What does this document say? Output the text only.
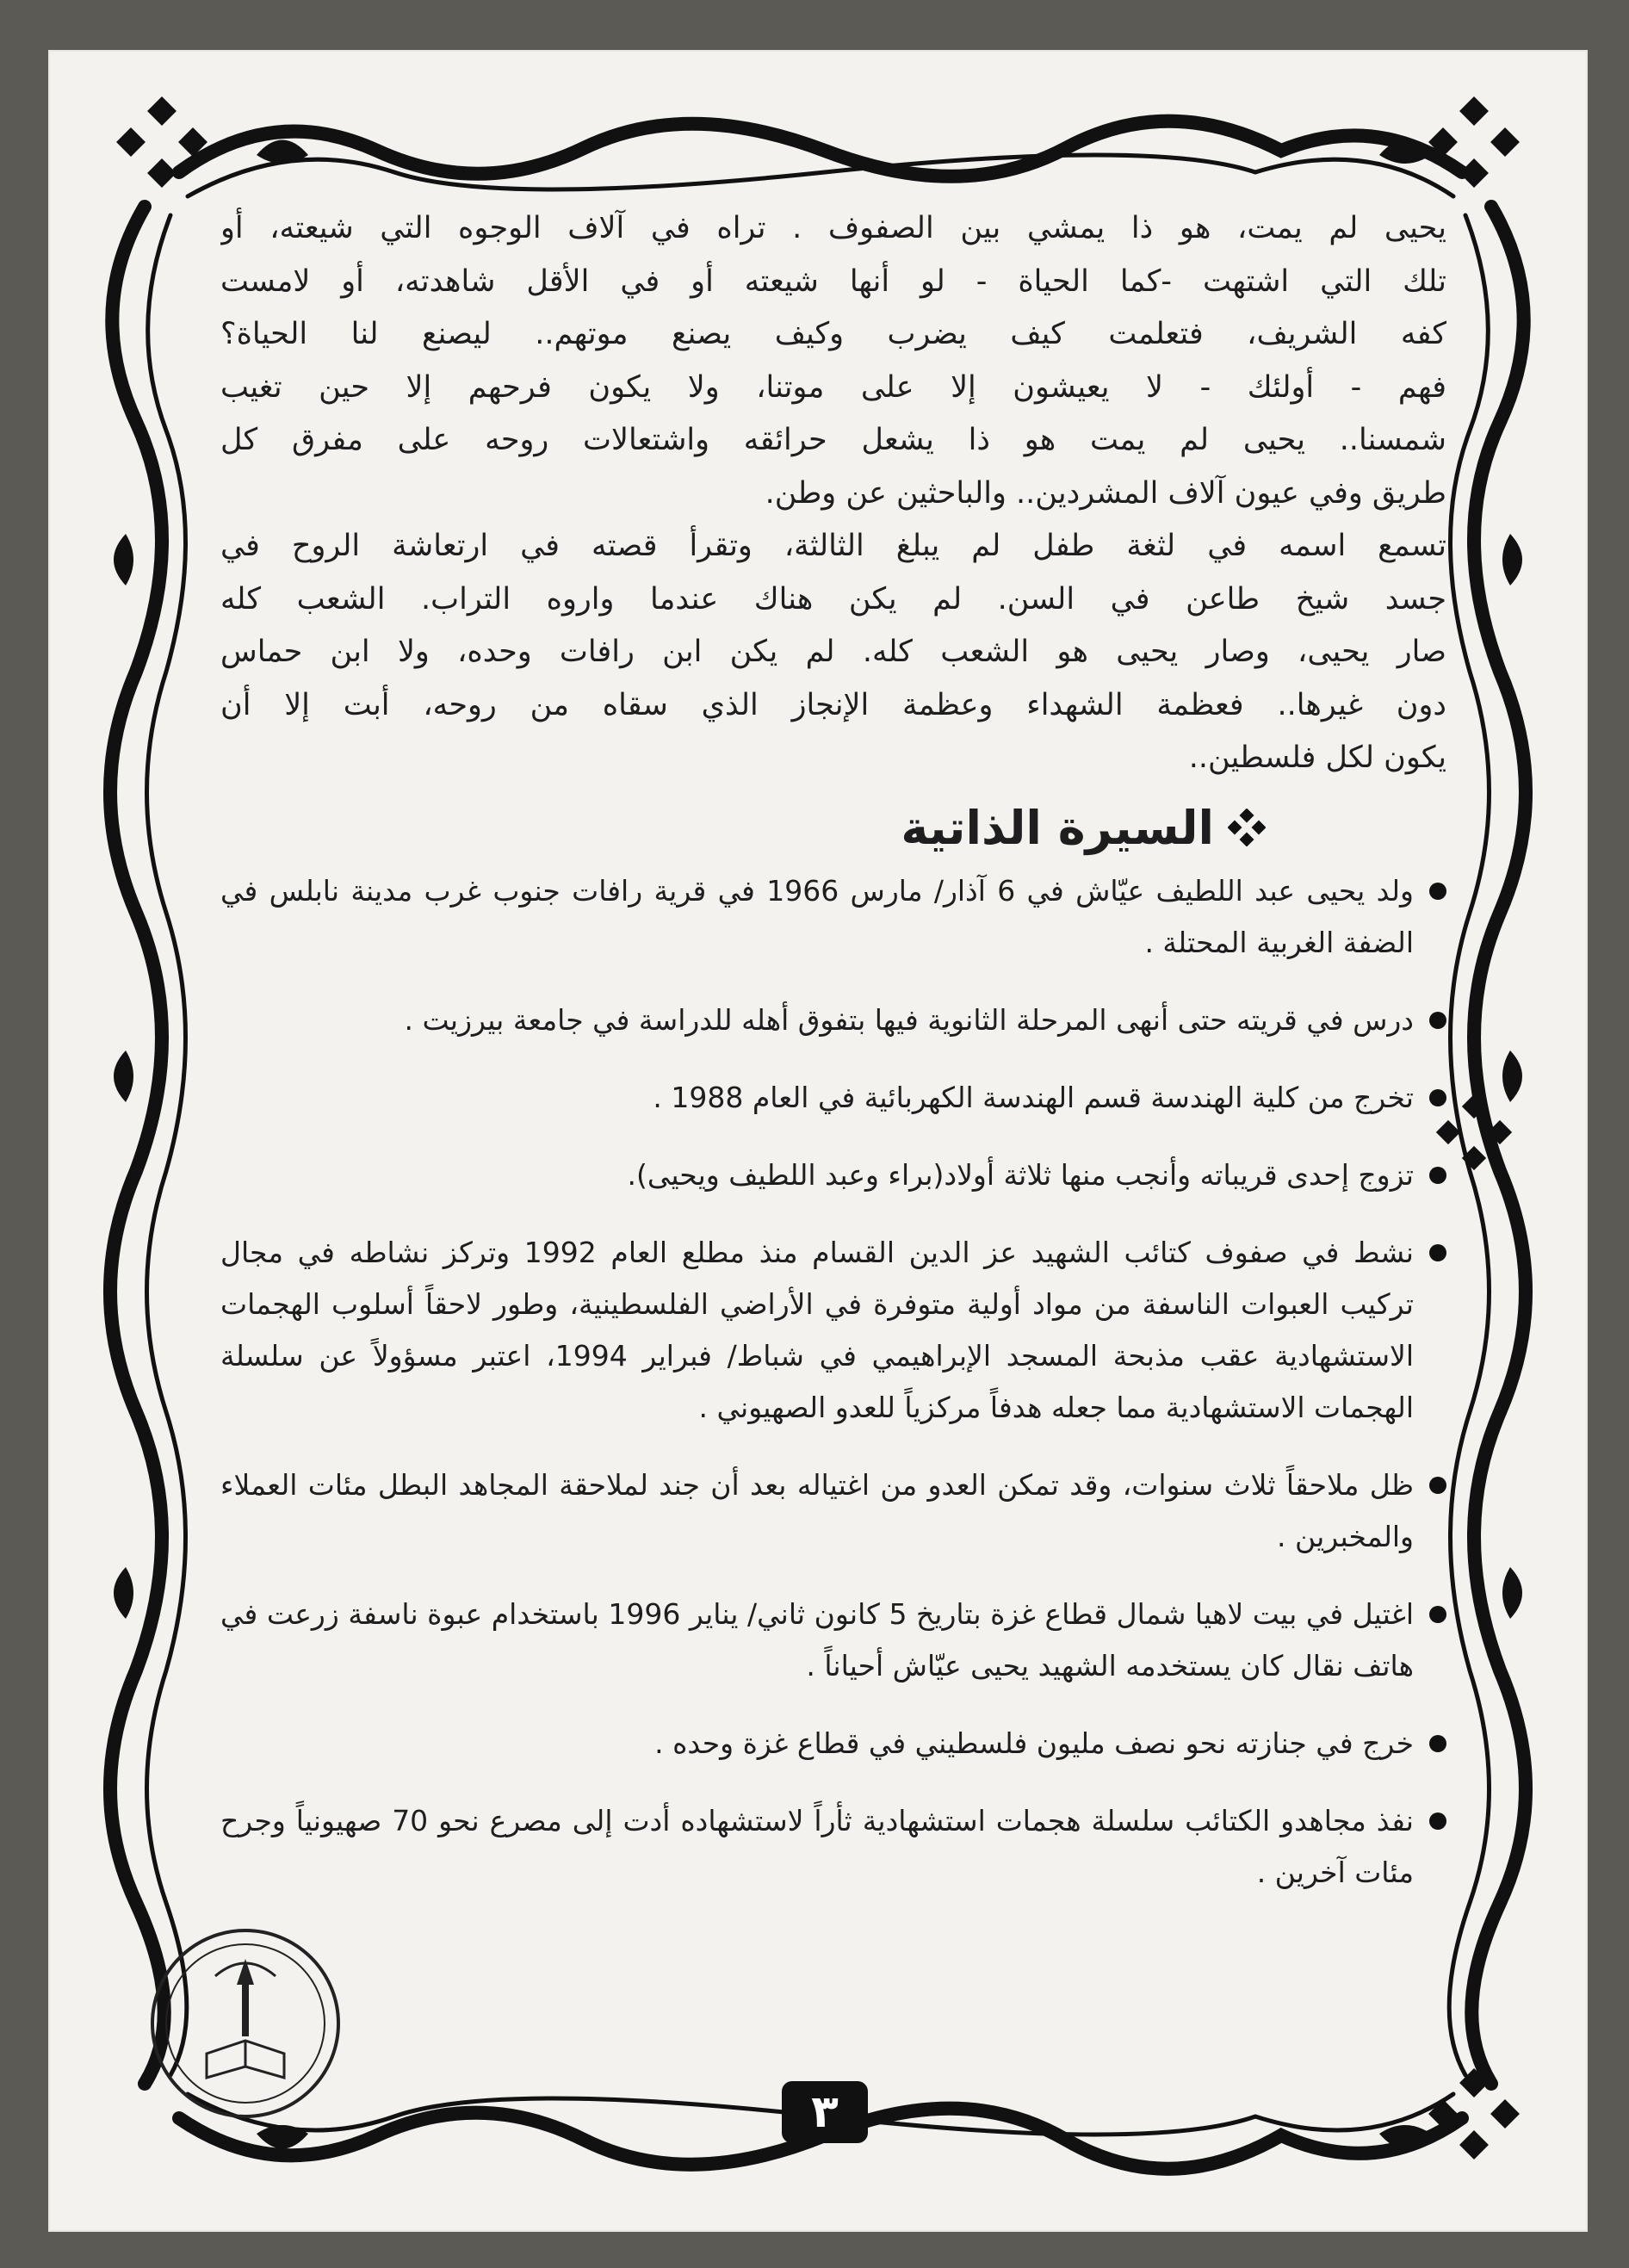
يحيى لم يمت، هو ذا يمشي بين الصفوف . تراه في آلاف الوجوه التي شيعته، أو

تلك التي اشتهت -كما الحياة - لو أنها شيعته أو في الأقل شاهدته، أو لامست

كفه الشريف، فتعلمت كيف يضرب وكيف يصنع موتهم.. ليصنع لنا الحياة؟

فهم - أولئك - لا يعيشون إلا على موتنا، ولا يكون فرحهم إلا حين تغيب

شمسنا.. يحيى لم يمت هو ذا يشعل حرائقه واشتعالات روحه على مفرق كل

طريق وفي عيون آلاف المشردين.. والباحثين عن وطن.

تسمع اسمه في لثغة طفل لم يبلغ الثالثة، وتقرأ قصته في ارتعاشة الروح في

جسد شيخ طاعن في السن. لم يكن هناك عندما واروه التراب. الشعب كله

صار يحيى، وصار يحيى هو الشعب كله. لم يكن ابن رافات وحده، ولا ابن حماس

دون غيرها.. فعظمة الشهداء وعظمة الإنجاز الذي سقاه من روحه، أبت إلا أن

يكون لكل فلسطين..

السيرة الذاتية
ولد يحيى عبد اللطيف عيّاش في 6 آذار/ مارس 1966 في قرية رافات جنوب غرب مدينة نابلس في الضفة الغربية المحتلة .
درس في قريته حتى أنهى المرحلة الثانوية فيها بتفوق أهله للدراسة في جامعة بيرزيت .
تخرج من كلية الهندسة قسم الهندسة الكهربائية في العام 1988 .
تزوج إحدى قريباته وأنجب منها ثلاثة أولاد(براء وعبد اللطيف ويحيى).
نشط في صفوف كتائب الشهيد عز الدين القسام منذ مطلع العام 1992 وتركز نشاطه في مجال تركيب العبوات الناسفة من مواد أولية متوفرة في الأراضي الفلسطينية، وطور لاحقاً أسلوب الهجمات الاستشهادية عقب مذبحة المسجد الإبراهيمي في شباط/ فبراير 1994، اعتبر مسؤولاً عن سلسلة الهجمات الاستشهادية مما جعله هدفاً مركزياً للعدو الصهيوني .
ظل ملاحقاً ثلاث سنوات، وقد تمكن العدو من اغتياله بعد أن جند لملاحقة المجاهد البطل مئات العملاء والمخبرين .
اغتيل في بيت لاهيا شمال قطاع غزة بتاريخ 5 كانون ثاني/ يناير 1996 باستخدام عبوة ناسفة زرعت في هاتف نقال كان يستخدمه الشهيد يحيى عيّاش أحياناً .
خرج في جنازته نحو نصف مليون فلسطيني في قطاع غزة وحده .
نفذ مجاهدو الكتائب سلسلة هجمات استشهادية ثأراً لاستشهاده أدت إلى مصرع نحو 70 صهيونياً وجرح مئات آخرين .
٣
